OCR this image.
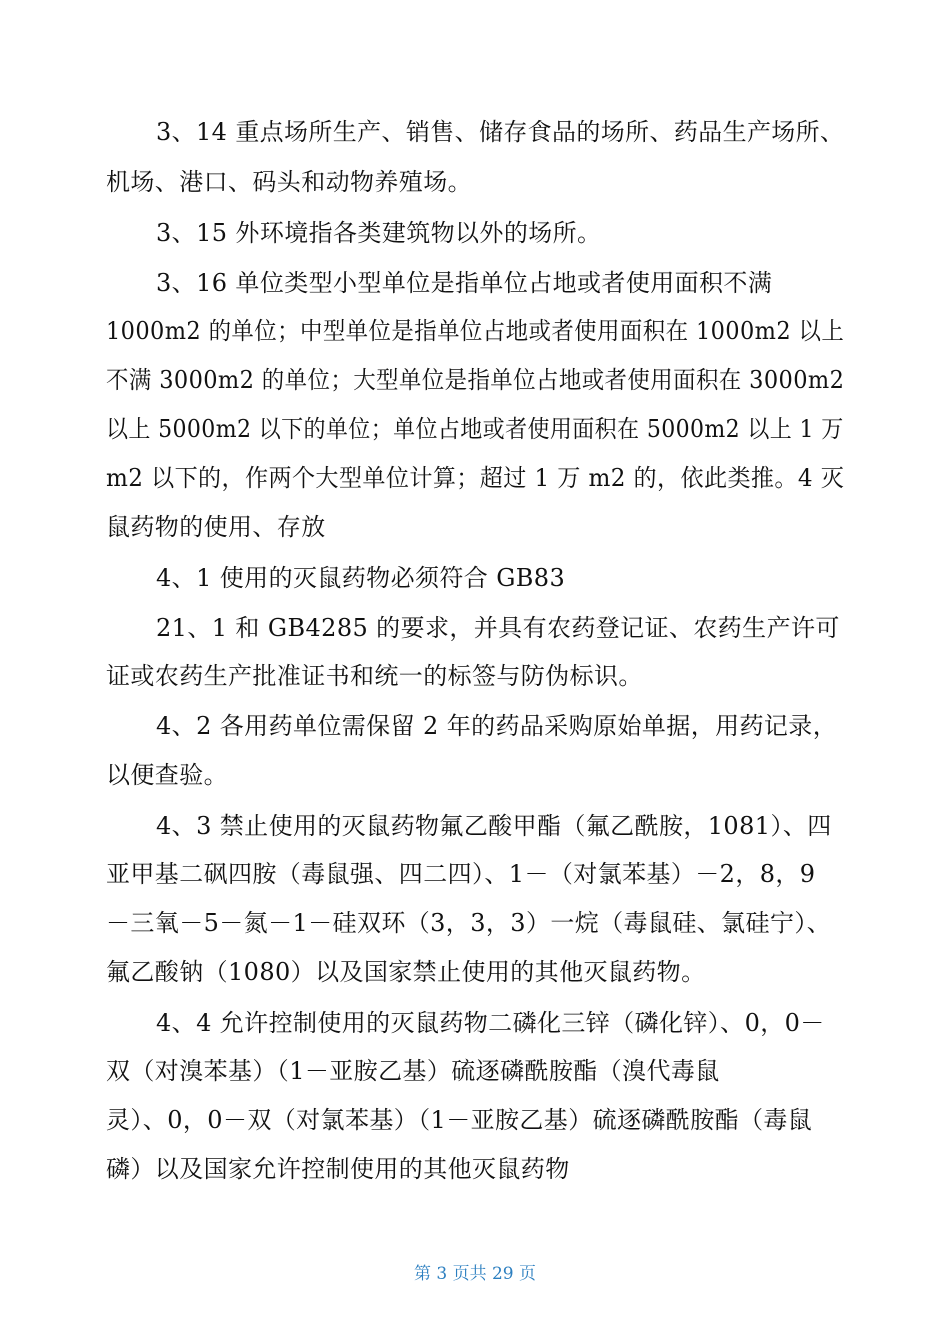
3、14 重点场所生产、销售、储存食品的场所、药品生产场所、
机场、港口、码头和动物养殖场。
3、15 外环境指各类建筑物以外的场所。
3、16 单位类型小型单位是指单位占地或者使用面积不满
1000m2 的单位；中型单位是指单位占地或者使用面积在 1000m2 以上
不满 3000m2 的单位；大型单位是指单位占地或者使用面积在 3000m2
以上 5000m2 以下的单位；单位占地或者使用面积在 5000m2 以上 1 万
m2 以下的，作两个大型单位计算；超过 1 万 m2 的，依此类推。4 灭
鼠药物的使用、存放
4、1 使用的灭鼠药物必须符合 GB83
21、1 和 GB4285 的要求，并具有农药登记证、农药生产许可
证或农药生产批准证书和统一的标签与防伪标识。
4、2 各用药单位需保留 2 年的药品采购原始单据，用药记录，
以便查验。
4、3 禁止使用的灭鼠药物氟乙酸甲酯（氟乙酰胺，1081）、四
亚甲基二砜四胺（毒鼠强、四二四）、1－（对氯苯基）－2，8，9
－三氧－5－氮－1－硅双环（3，3，3）一烷（毒鼠硅、氯硅宁）、
氟乙酸钠（1080）以及国家禁止使用的其他灭鼠药物。
4、4 允许控制使用的灭鼠药物二磷化三锌（磷化锌）、0，0－
双（对溴苯基）（1－亚胺乙基）硫逐磷酰胺酯（溴代毒鼠
灵）、0，0－双（对氯苯基）（1－亚胺乙基）硫逐磷酰胺酯（毒鼠
磷）以及国家允许控制使用的其他灭鼠药物
第 3 页共 29 页
